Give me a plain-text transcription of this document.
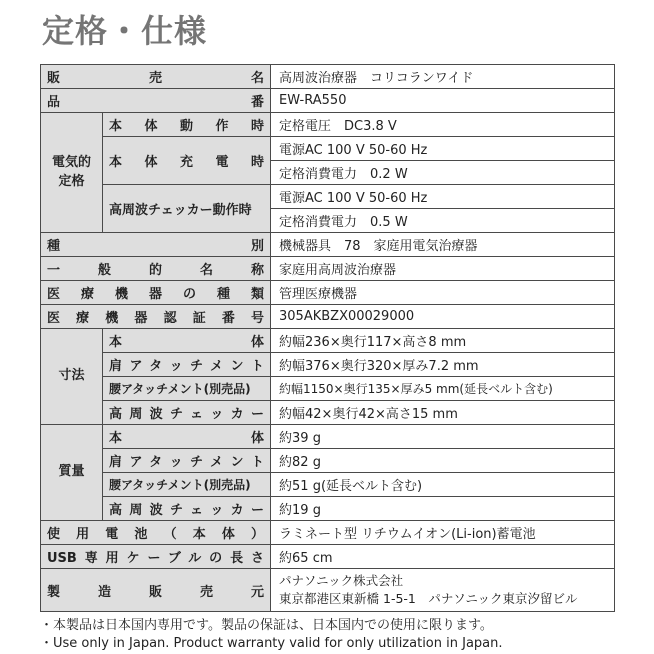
定格・仕様
販売名		高周波治療器　コリコランワイド
品番		EW-RA550

電気的
定格	本体動作時	定格電圧　DC3.8 V
	本体充電時	電源AC 100 V 50-60 Hz
		定格消費電力　0.2 W
	高周波チェッカー動作時	電源AC 100 V 50-60 Hz
		定格消費電力　0.5 W
種別		機械器具　78　家庭用電気治療器
一般的名称		家庭用高周波治療器
医療機器の種類		管理医療機器
医療機器認証番号		305AKBZX00029000
寸法	本体	約幅236×奥行117×高さ8 mm
	肩アタッチメント	約幅376×奥行320×厚み7.2 mm
	腰アタッチメント(別売品)	約幅1150×奥行135×厚み5 mm(延長ベルト含む)
	高周波チェッカー	約幅42×奥行42×高さ15 mm
質量	本体	約39 g
	肩アタッチメント	約82 g
	腰アタッチメント(別売品)	約51 g(延長ベルト含む)
	高周波チェッカー	約19 g
使用電池（本体）		ラミネート型 リチウムイオン(Li-ion)蓄電池
USB専用ケーブルの長さ		約65 cm
製造販売元		パナソニック株式会社
東京都港区東新橋 1-5-1　パナソニック東京汐留ビル
・本製品は日本国内専用です。製品の保証は、日本国内での使用に限ります。
・Use only in Japan. Product warranty valid for only utilization in Japan.
